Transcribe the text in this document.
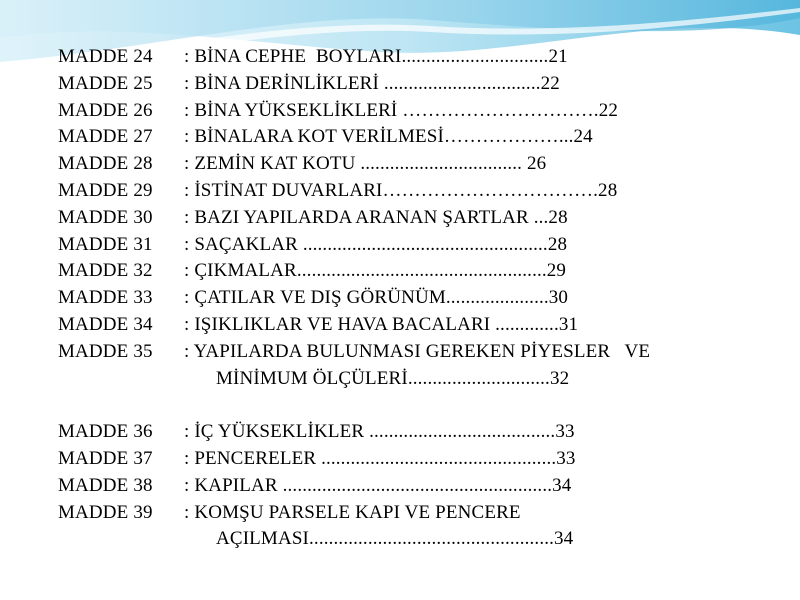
MADDE 24	: BİNA CEPHE  BOYLARI..............................21
MADDE 25	: BİNA DERİNLİKLERİ ................................22
MADDE 26	: BİNA YÜKSEKLİKLERİ ………………………….22
MADDE 27	: BİNALARA KOT VERİLMESİ………………...24
MADDE 28	: ZEMİN KAT KOTU ................................. 26
MADDE 29	: İSTİNAT DUVARLARI…………………………….28
MADDE 30	: BAZI YAPILARDA ARANAN ŞARTLAR ...28
MADDE 31	: SAÇAKLAR ..................................................28
MADDE 32	: ÇIKMALAR...................................................29
MADDE 33	: ÇATILAR VE DIŞ GÖRÜNÜM.....................30
MADDE 34	: IŞIKLIKLAR VE HAVA BACALARI .............31
MADDE 35	: YAPILARDA BULUNMASI GEREKEN PİYESLER   VE
MİNİMUM ÖLÇÜLERİ.............................32
MADDE 36	: İÇ YÜKSEKLİKLER ......................................33
MADDE 37	: PENCERELER ................................................33
MADDE 38	: KAPILAR .......................................................34
MADDE 39	: KOMŞU PARSELE KAPI VE PENCERE
AÇILMASI..................................................34
